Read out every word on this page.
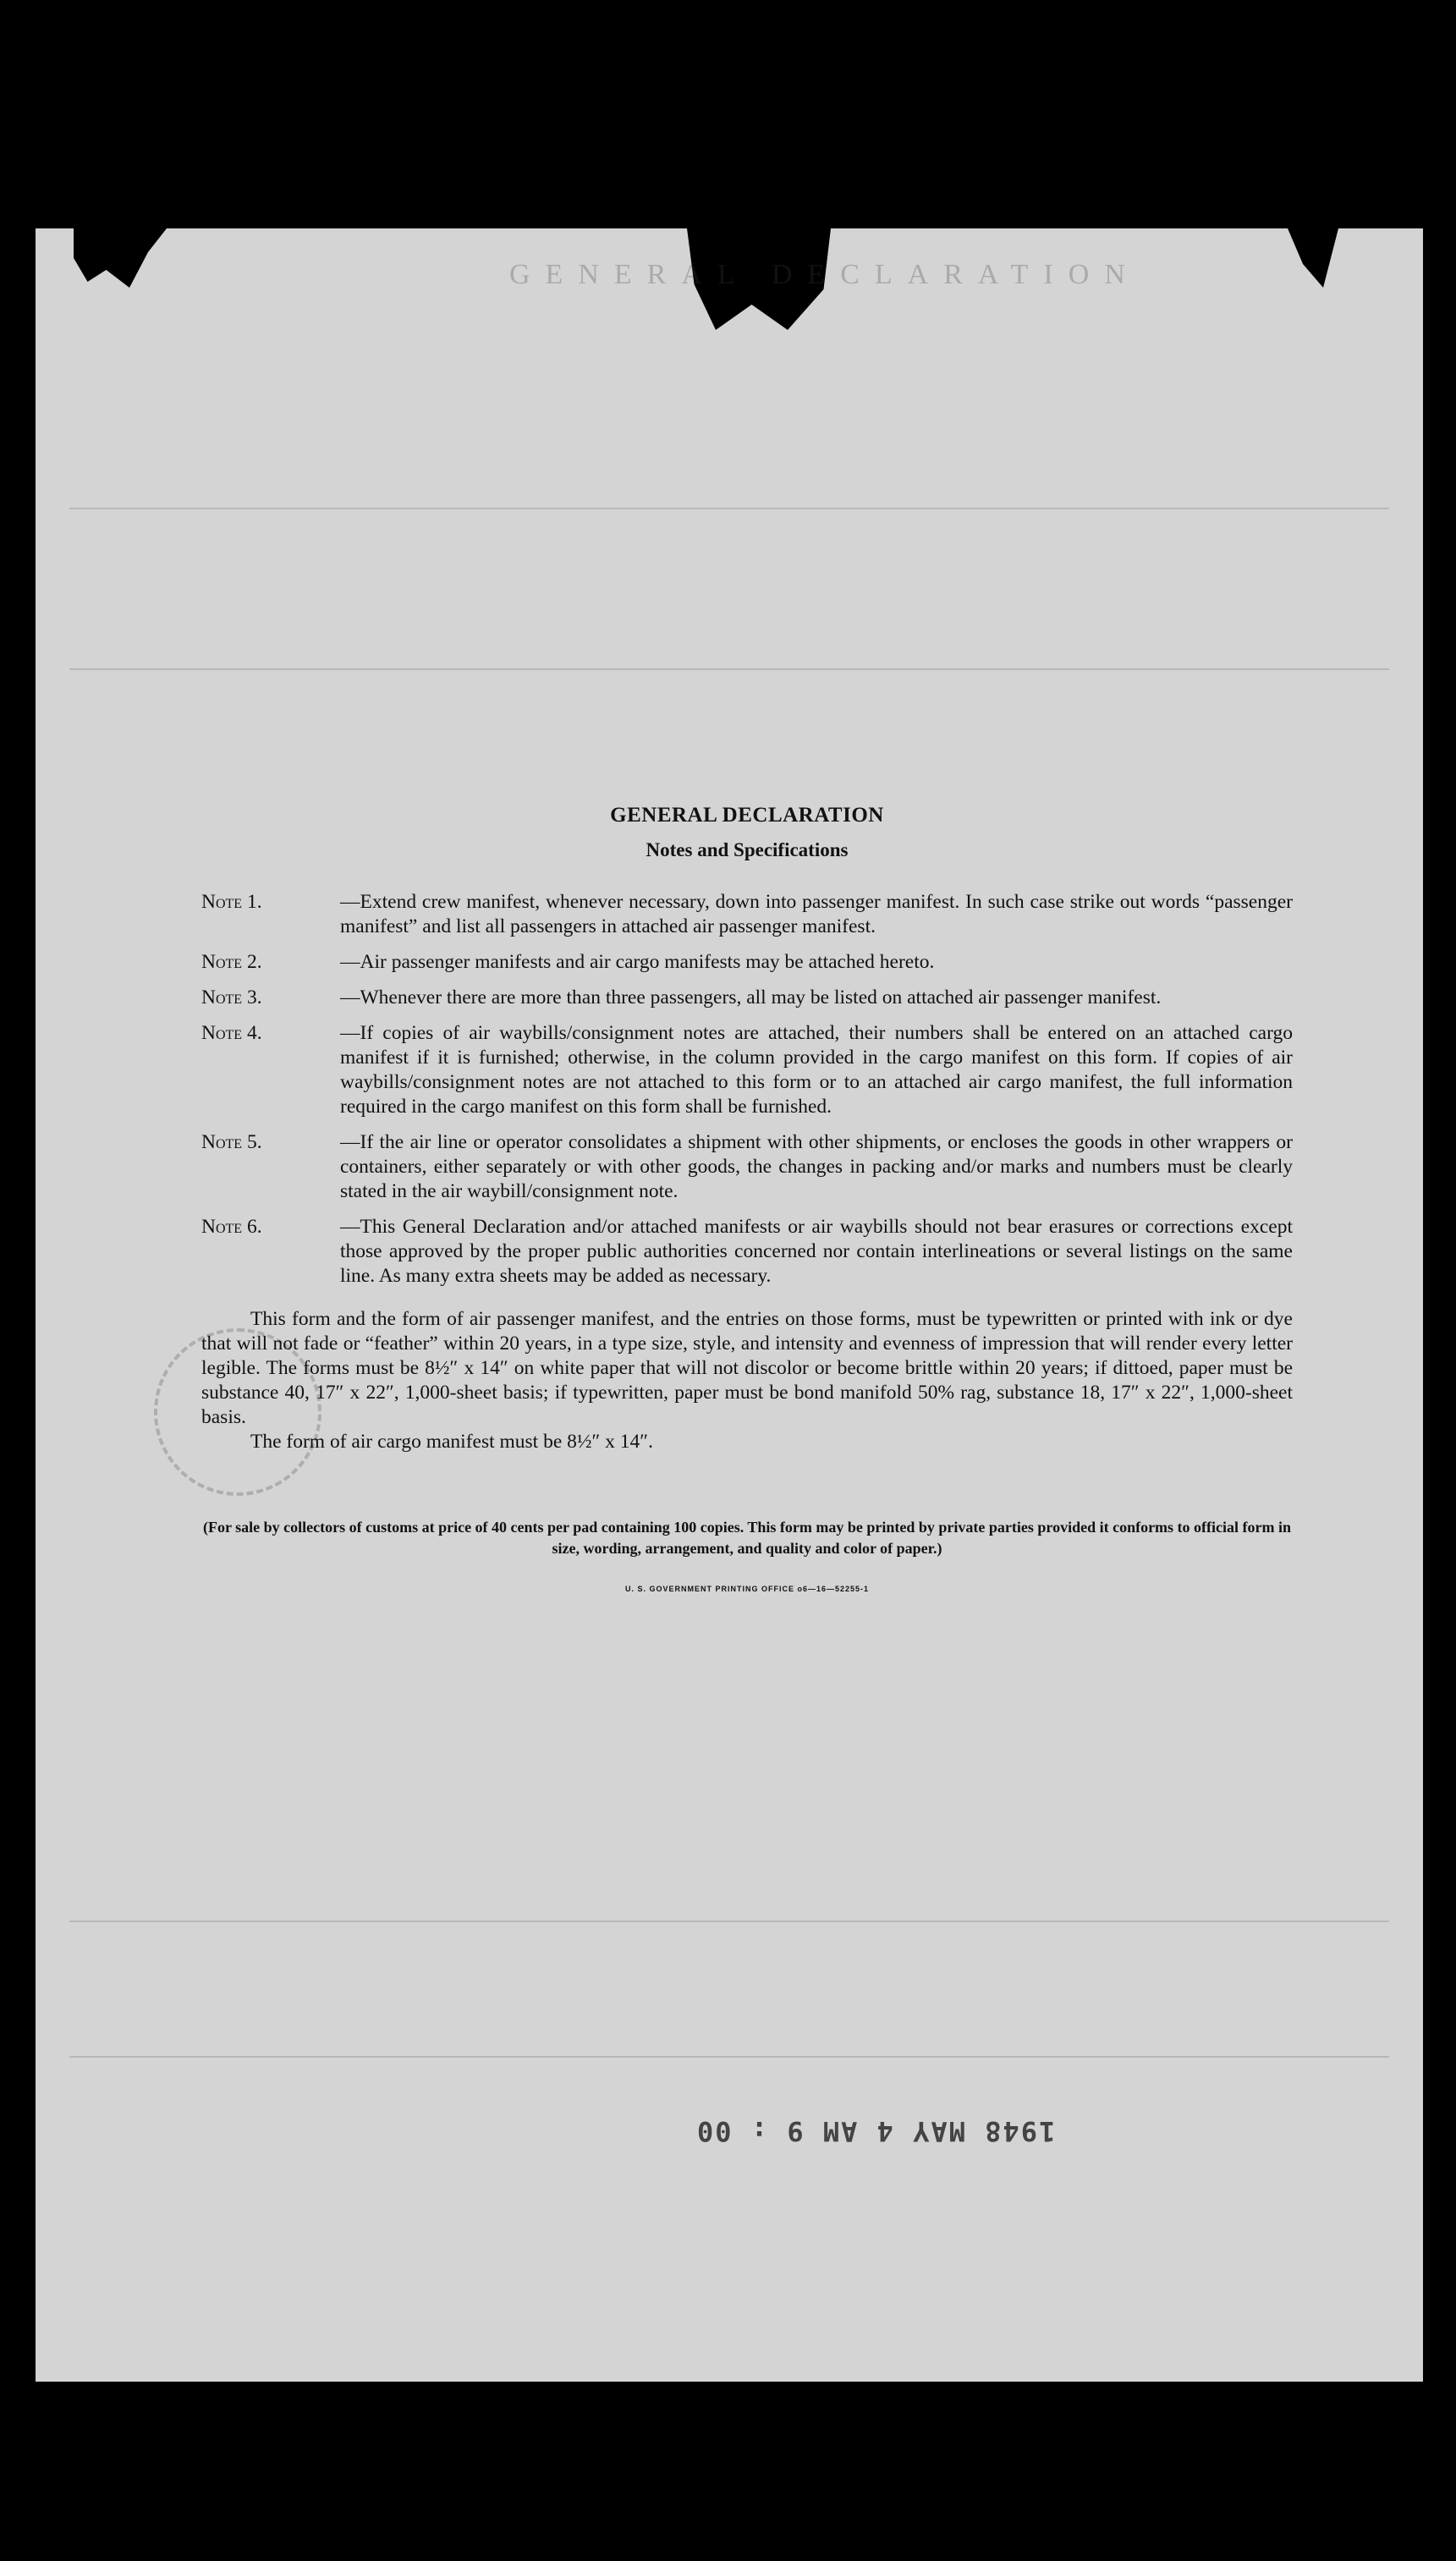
GENERAL DECLARATION

GENERAL DECLARATION

Notes and Specifications

Note 1.	—Extend crew manifest, whenever necessary, down into passenger manifest. In such case strike out words “passenger manifest” and list all passengers in attached air passenger manifest.
Note 2.	—Air passenger manifests and air cargo manifests may be attached hereto.
Note 3.	—Whenever there are more than three passengers, all may be listed on attached air passenger manifest.
Note 4.	—If copies of air waybills/consignment notes are attached, their numbers shall be entered on an attached cargo manifest if it is furnished; otherwise, in the column provided in the cargo manifest on this form. If copies of air waybills/consignment notes are not attached to this form or to an attached air cargo manifest, the full information required in the cargo manifest on this form shall be furnished.
Note 5.	—If the air line or operator consolidates a shipment with other shipments, or encloses the goods in other wrappers or containers, either separately or with other goods, the changes in packing and/or marks and numbers must be clearly stated in the air waybill/consignment note.
Note 6.	—This General Declaration and/or attached manifests or air waybills should not bear erasures or corrections except those approved by the proper public authorities concerned nor contain interlineations or several listings on the same line. As many extra sheets may be added as necessary.
This form and the form of air passenger manifest, and the entries on those forms, must be typewritten or printed with ink or dye that will not fade or “feather” within 20 years, in a type size, style, and intensity and evenness of impression that will render every letter legible. The forms must be 8½″ x 14″ on white paper that will not discolor or become brittle within 20 years; if dittoed, paper must be substance 40, 17″ x 22″, 1,000-sheet basis; if typewritten, paper must be bond manifold 50% rag, substance 18, 17″ x 22″, 1,000-sheet basis.
The form of air cargo manifest must be 8½″ x 14″.
(For sale by collectors of customs at price of 40 cents per pad containing 100 copies. This form may be printed by private parties provided it conforms to official form in size, wording, arrangement, and quality and color of paper.)
U. S. GOVERNMENT PRINTING OFFICE o6—16—52255-1
1948 MAY 4 AM 9 : 00
